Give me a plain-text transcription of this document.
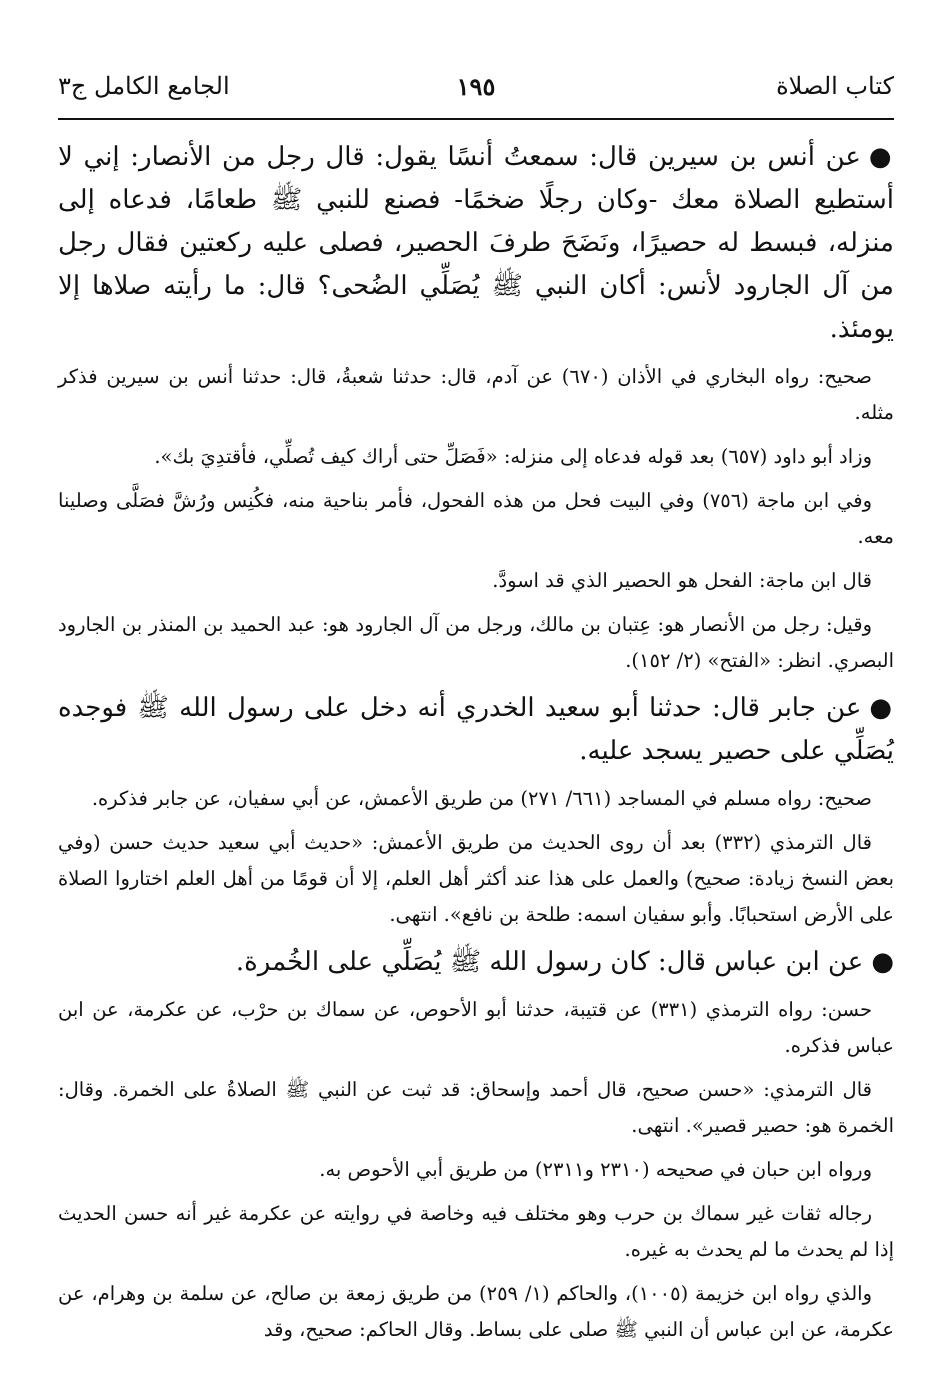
كتاب الصلاة
١٩٥
الجامع الكامل ج٣

●عن أنس بن سيرين قال: سمعتُ أنسًا يقول: قال رجل من الأنصار: إني لا أستطيع الصلاة معك -وكان رجلًا ضخمًا- فصنع للنبي ﷺ طعامًا، فدعاه إلى منزله، فبسط له حصيرًا، ونَضَحَ طرفَ الحصير، فصلى عليه ركعتين فقال رجل من آل الجارود لأنس: أكان النبي ﷺ يُصَلِّي الضُحى؟ قال: ما رأيته صلاها إلا يومئذ.

صحيح: رواه البخاري في الأذان (٦٧٠) عن آدم، قال: حدثنا شعبةُ، قال: حدثنا أنس بن سيرين فذكر مثله.

وزاد أبو داود (٦٥٧) بعد قوله فدعاه إلى منزله: «فَصَلِّ حتى أراك كيف تُصلِّي، فأقتدِيَ بك».

وفي ابن ماجة (٧٥٦) وفي البيت فحل من هذه الفحول، فأمر بناحية منه، فكُنِس ورُشَّ فصَلَّى وصلينا معه.

قال ابن ماجة: الفحل هو الحصير الذي قد اسودَّ.

وقيل: رجل من الأنصار هو: عِتبان بن مالك، ورجل من آل الجارود هو: عبد الحميد بن المنذر بن الجارود البصري. انظر: «الفتح» (٢/ ١٥٢).

●عن جابر قال: حدثنا أبو سعيد الخدري أنه دخل على رسول الله ﷺ فوجده يُصَلِّي على حصير يسجد عليه.

صحيح: رواه مسلم في المساجد (٦٦١/ ٢٧١) من طريق الأعمش، عن أبي سفيان، عن جابر فذكره.

قال الترمذي (٣٣٢) بعد أن روى الحديث من طريق الأعمش: «حديث أبي سعيد حديث حسن (وفي بعض النسخ زيادة: صحيح) والعمل على هذا عند أكثر أهل العلم، إلا أن قومًا من أهل العلم اختاروا الصلاة على الأرض استحبابًا. وأبو سفيان اسمه: طلحة بن نافع». انتهى.

●عن ابن عباس قال: كان رسول الله ﷺ يُصَلِّي على الخُمرة.

حسن: رواه الترمذي (٣٣١) عن قتيبة، حدثنا أبو الأحوص، عن سماك بن حرْب، عن عكرمة، عن ابن عباس فذكره.

قال الترمذي: «حسن صحيح، قال أحمد وإسحاق: قد ثبت عن النبي ﷺ الصلاةُ على الخمرة. وقال: الخمرة هو: حصير قصير». انتهى.

ورواه ابن حبان في صحيحه (٢٣١٠ و٢٣١١) من طريق أبي الأحوص به.

رجاله ثقات غير سماك بن حرب وهو مختلف فيه وخاصة في روايته عن عكرمة غير أنه حسن الحديث إذا لم يحدث ما لم يحدث به غيره.

والذي رواه ابن خزيمة (١٠٠٥)، والحاكم (١/ ٢٥٩) من طريق زمعة بن صالح، عن سلمة بن وهرام، عن عكرمة، عن ابن عباس أن النبي ﷺ صلى على بساط. وقال الحاكم: صحيح، وقد
